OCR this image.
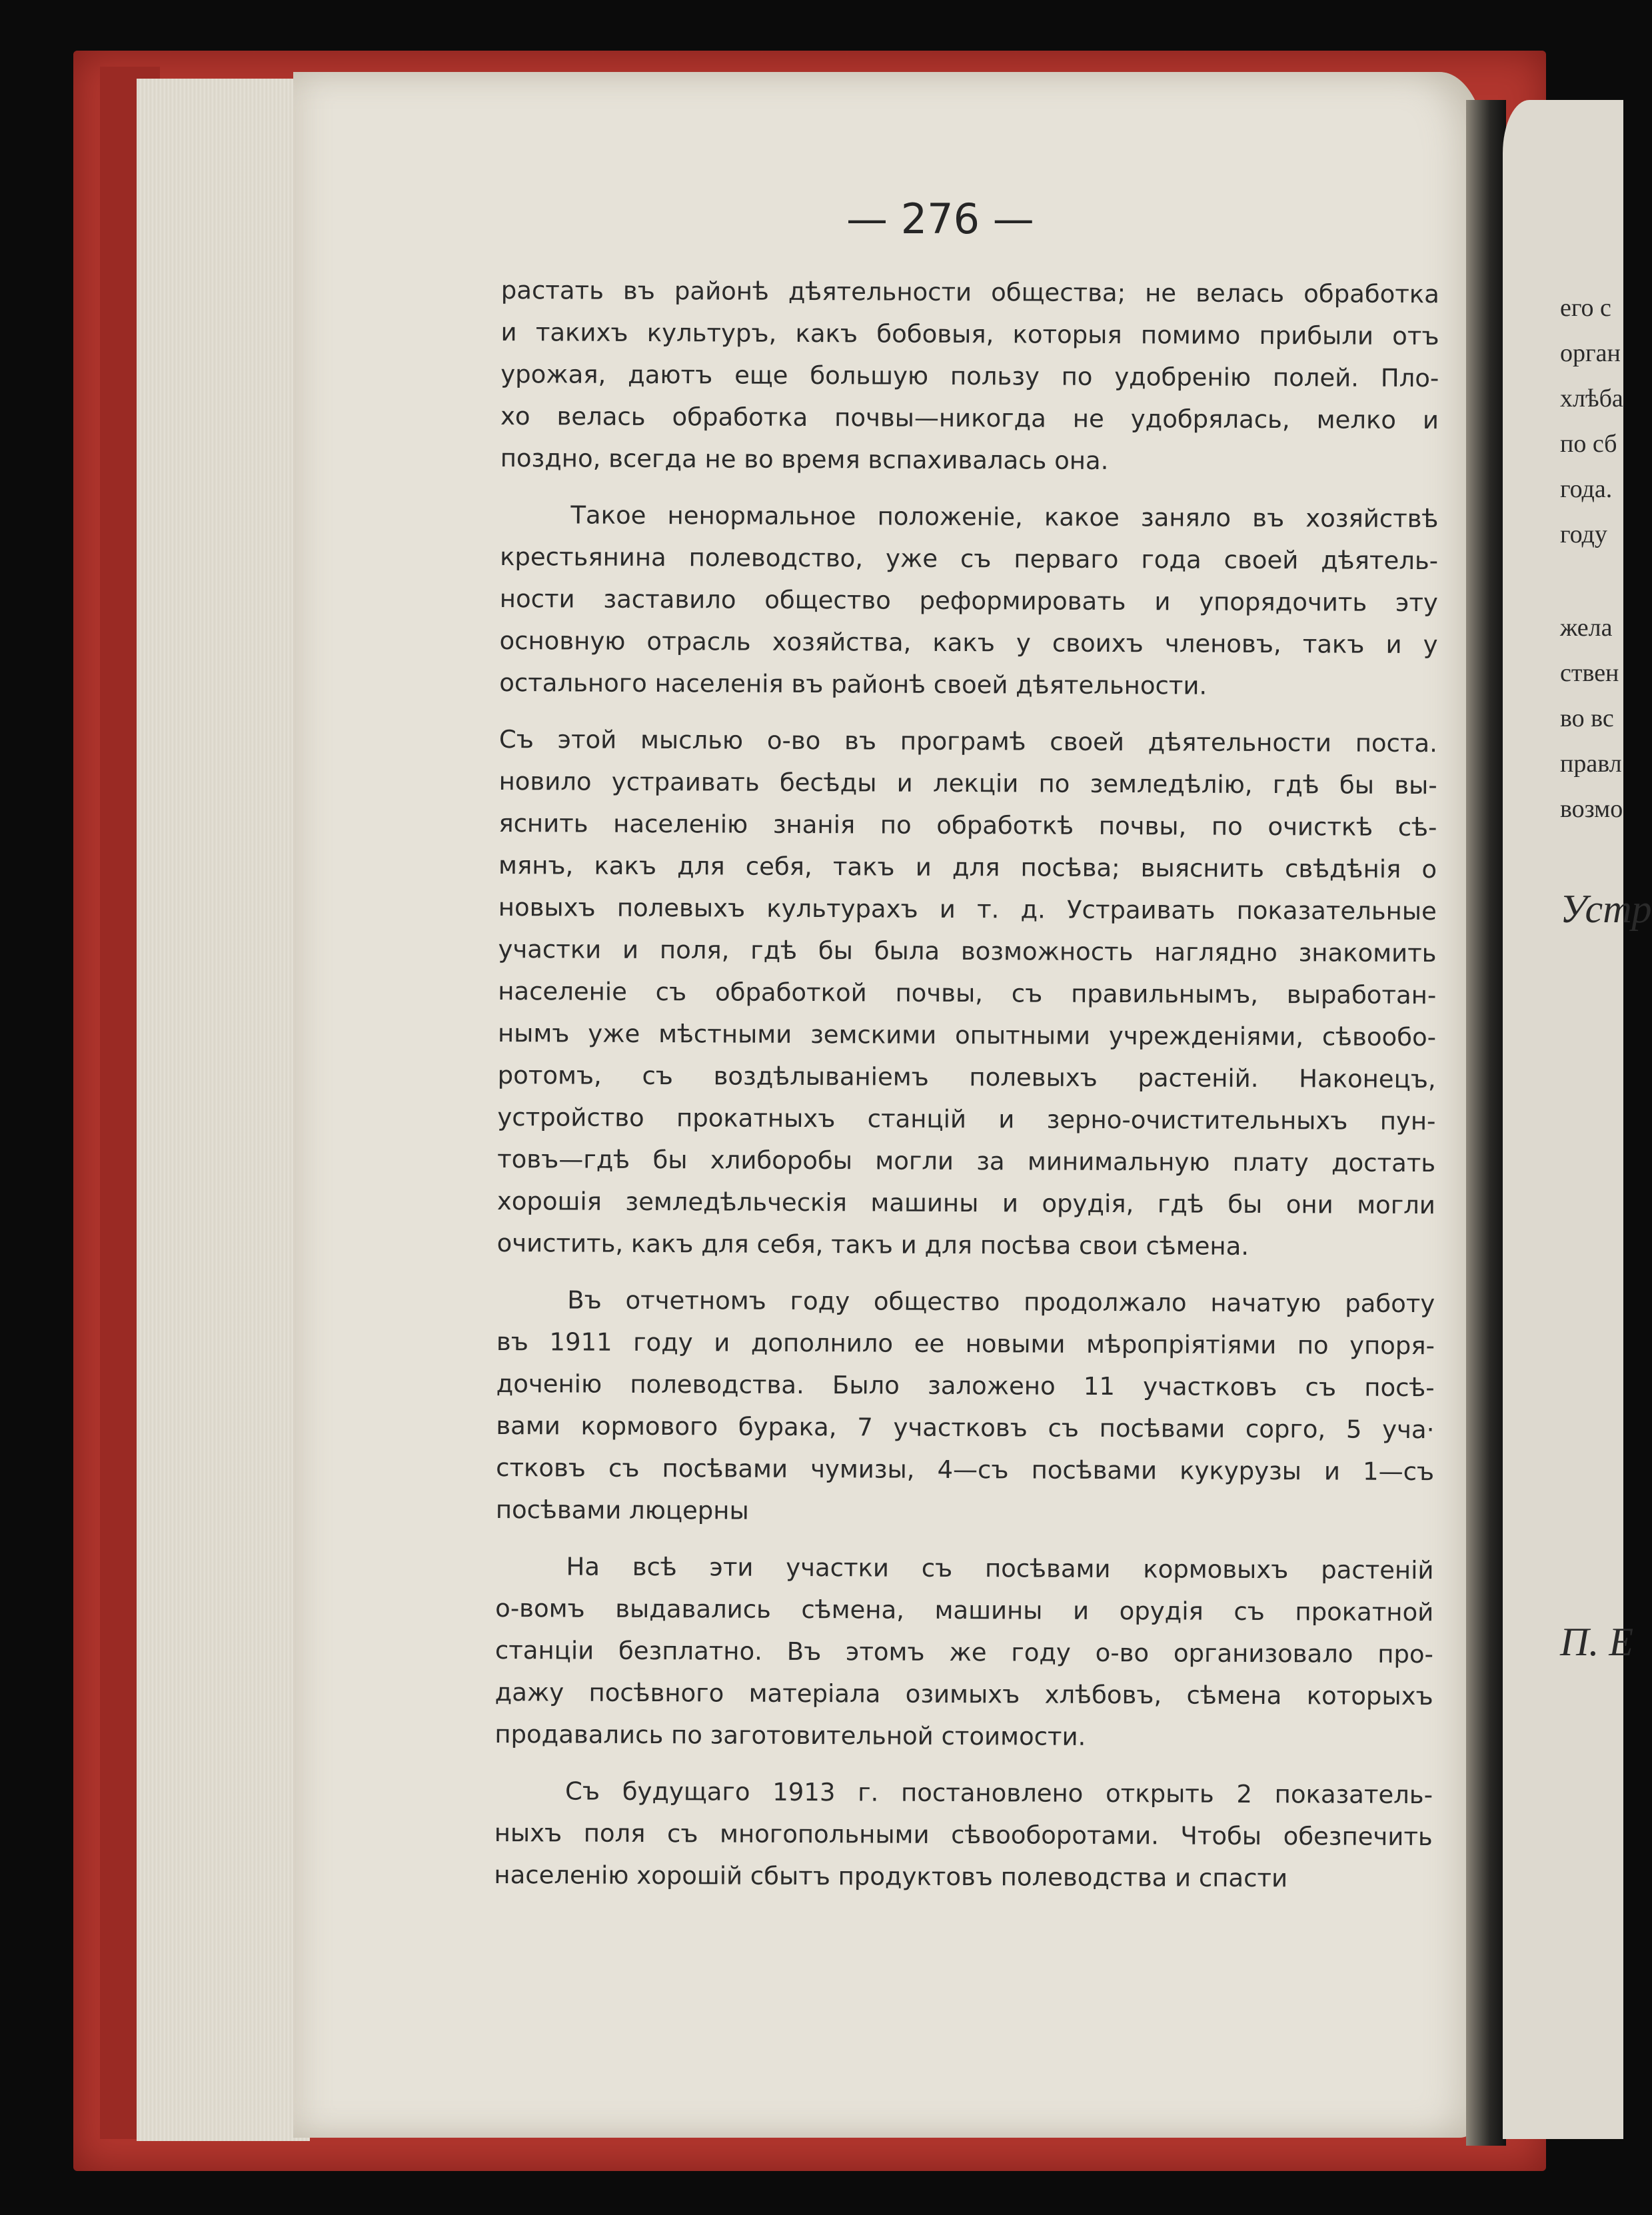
его с
орган
хлѣба
по сб
года.
году
жела
ствен
во вс
правл
возмо
Устр
П. Е
— 276 —
растать въ районѣ дѣятельности общества; не велась обработка
и такихъ культуръ, какъ бобовыя, которыя помимо прибыли отъ
урожая, даютъ еще большую пользу по удобренію полей. Пло-
хо велась обработка почвы—никогда не удобрялась, мелко и
поздно, всегда не во время вспахивалась она.
Такое ненормальное положеніе, какое заняло въ хозяйствѣ
крестьянина полеводство, уже съ перваго года своей дѣятель-
ности заставило общество реформировать и упорядочить эту
основную отрасль хозяйства, какъ у своихъ членовъ, такъ и у
остального населенія въ районѣ своей дѣятельности.
Съ этой мыслью о-во въ програмѣ своей дѣятельности поста.
новило устраивать бесѣды и лекціи по земледѣлію, гдѣ бы вы-
яснить населенію знанія по обработкѣ почвы, по очисткѣ сѣ-
мянъ, какъ для себя, такъ и для посѣва; выяснить свѣдѣнія о
новыхъ полевыхъ культурахъ и т. д. Устраивать показательные
участки и поля, гдѣ бы была возможность наглядно знакомить
населеніе съ обработкой почвы, съ правильнымъ, выработан-
нымъ уже мѣстными земскими опытными учрежденіями, сѣвообо-
ротомъ, съ воздѣлываніемъ полевыхъ растеній. Наконецъ,
устройство прокатныхъ станцій и зерно-очистительныхъ пун-
товъ—гдѣ бы хлиборобы могли за минимальную плату достать
хорошія земледѣльческія машины и орудія, гдѣ бы они могли
очистить, какъ для себя, такъ и для посѣва свои сѣмена.
Въ отчетномъ году общество продолжало начатую работу
въ 1911 году и дополнило ее новыми мѣропріятіями по упоря-
доченію полеводства. Было заложено 11 участковъ съ посѣ-
вами кормового бурака, 7 участковъ съ посѣвами сорго, 5 уча·
стковъ съ посѣвами чумизы, 4—съ посѣвами кукурузы и 1—съ
посѣвами люцерны
На всѣ эти участки съ посѣвами кормовыхъ растеній
о-вомъ выдавались сѣмена, машины и орудія съ прокатной
станціи безплатно. Въ этомъ же году о-во организовало про-
дажу посѣвного матеріала озимыхъ хлѣбовъ, сѣмена которыхъ
продавались по заготовительной стоимости.
Съ будущаго 1913 г. постановлено открыть 2 показатель-
ныхъ поля съ многопольными сѣвооборотами. Чтобы обезпечить
населенію хорошій сбытъ продуктовъ полеводства и спасти
